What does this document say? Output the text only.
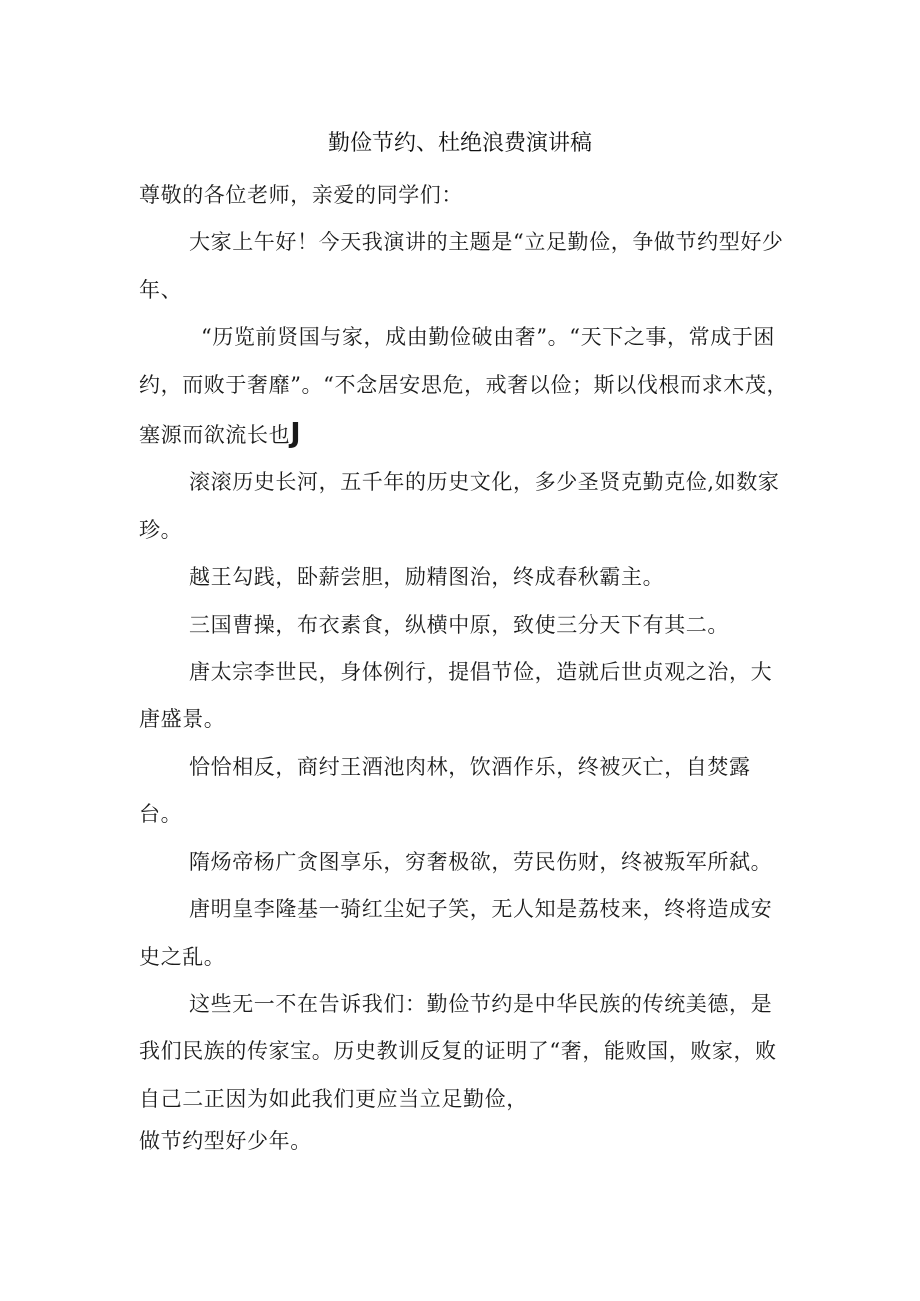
勤俭节约、杜绝浪费演讲稿

尊敬的各位老师，亲爱的同学们：

大家上午好！今天我演讲的主题是“立足勤俭，争做节约型好少年、

“历览前贤国与家，成由勤俭破由奢”。“天下之事，常成于困约，而败于奢靡”。“不念居安思危，戒奢以俭；斯以伐根而求木茂，塞源而欲流长也J

滚滚历史长河，五千年的历史文化，多少圣贤克勤克俭,如数家珍。

越王勾践，卧薪尝胆，励精图治，终成春秋霸主。

三国曹操，布衣素食，纵横中原，致使三分天下有其二。

唐太宗李世民，身体例行，提倡节俭，造就后世贞观之治，大唐盛景。

恰恰相反，商纣王酒池肉林，饮酒作乐，终被灭亡，自焚露台。

隋炀帝杨广贪图享乐，穷奢极欲，劳民伤财，终被叛军所弑。

唐明皇李隆基一骑红尘妃子笑，无人知是荔枝来，终将造成安史之乱。

这些无一不在告诉我们：勤俭节约是中华民族的传统美德，是我们民族的传家宝。历史教训反复的证明了“奢，能败国，败家，败自己二正因为如此我们更应当立足勤俭，

做节约型好少年。
